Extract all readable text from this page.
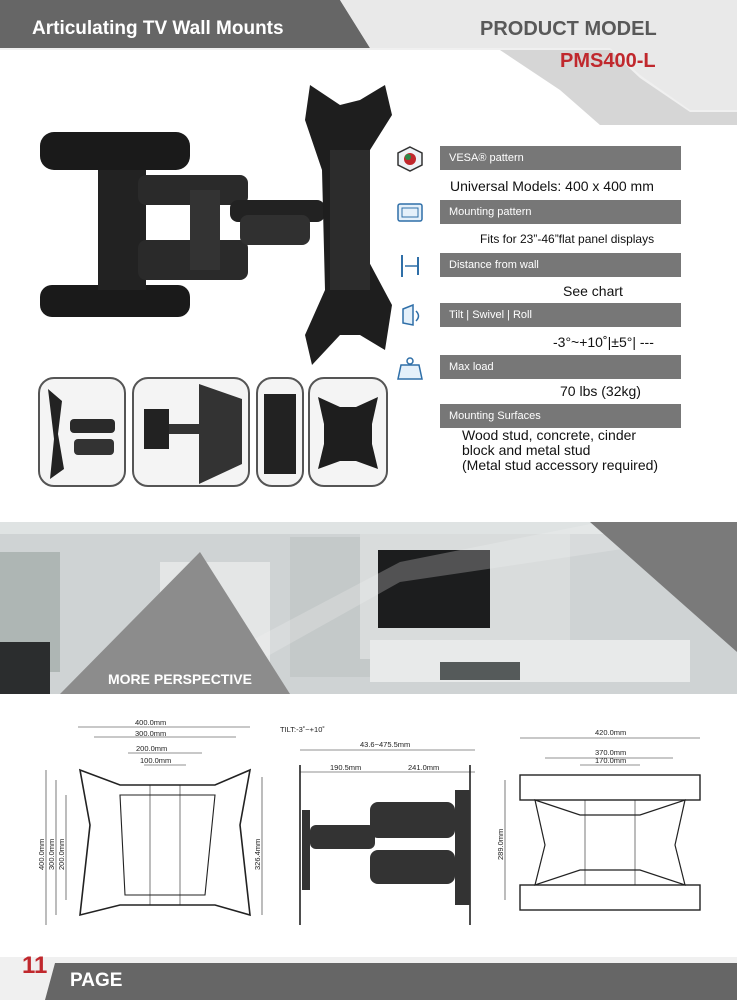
Articulating TV Wall Mounts	PRODUCT MODEL
PMS400-L
VESA® pattern
Universal Models: 400 x 400 mm
Mounting pattern
Fits for 23”-46”flat panel displays
Distance from wall
See chart
Tilt | Swivel | Roll
-3°~+10˚|±5°| ---
Max load
70 lbs (32kg)
Mounting Surfaces
Wood stud, concrete, cinder
block and metal stud
(Metal stud accessory required)
MORE PERSPECTIVE
400.0mm
300.0mm
200.0mm
100.0mm
400.0mm 300.0mm 200.0mm	326.4mm
TILT:-3˚~+10˚
43.6~475.5mm
190.5mm	241.0mm
420.0mm
370.0mm
170.0mm
289.0mm
11
PAGE
